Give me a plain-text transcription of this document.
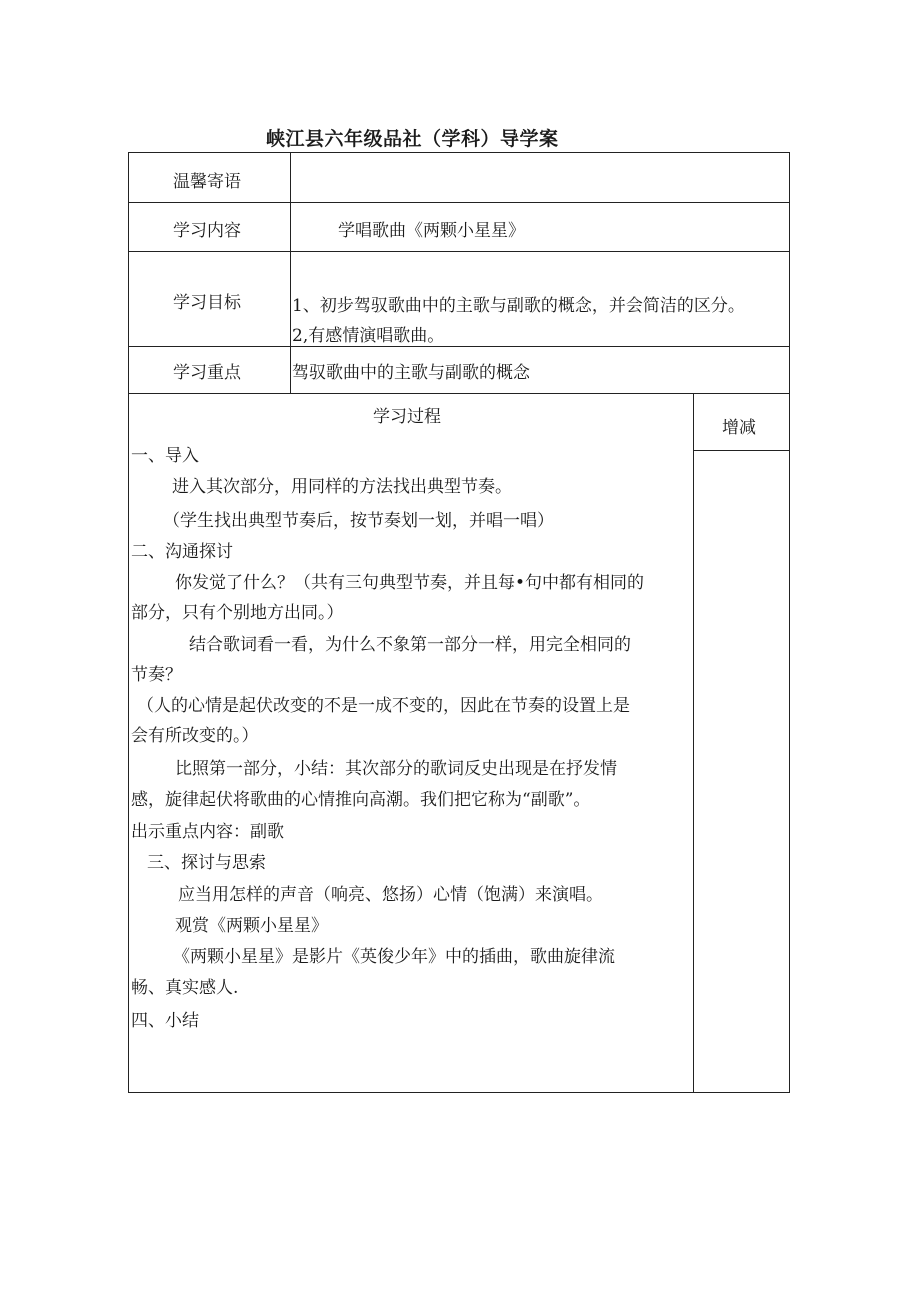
峡江县六年级品社（学科）导学案
温馨寄语
学习内容	学唱歌曲《两颗小星星》
学习目标	1、初步驾驭歌曲中的主歌与副歌的概念，并会简洁的区分。
2,有感情演唱歌曲。
学习重点	驾驭歌曲中的主歌与副歌的概念
学习过程
增减
一、导入
进入其次部分，用同样的方法找出典型节奏。
（学生找出典型节奏后，按节奏划一划，并唱一唱）
二、沟通探讨
你发觉了什么？（共有三句典型节奏，并且每•句中都有相同的
部分，只有个别地方出同。）
结合歌词看一看，为什么不象第一部分一样，用完全相同的
节奏？
（人的心情是起伏改变的不是一成不变的，因此在节奏的设置上是
会有所改变的。）
比照第一部分，小结：其次部分的歌词反史出现是在抒发情
感，旋律起伏将歌曲的心情推向高潮。我们把它称为“副歌”。
出示重点内容：副歌
三、探讨与思索
应当用怎样的声音（响亮、悠扬）心情（饱满）来演唱。
观赏《两颗小星星》
《两颗小星星》是影片《英俊少年》中的插曲，歌曲旋律流
畅、真实感人.
四、小结
